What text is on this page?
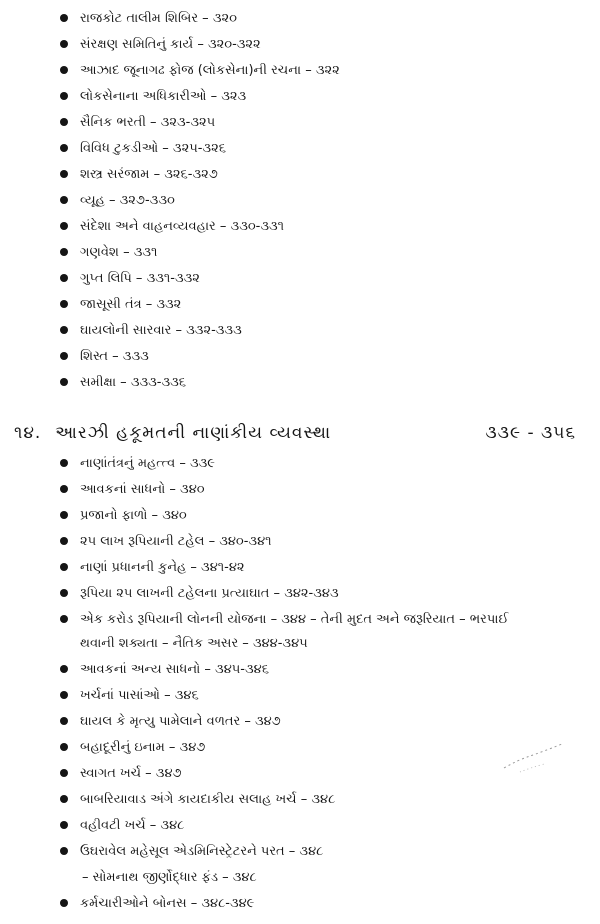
રાજકોટ તાલીમ શિબિર – ૩૨૦
સંરક્ષણ સમિતિનું કાર્ય – ૩૨૦-૩૨૨
આઝાદ જૂનાગઢ ફોજ (લોકસેના)ની રચના – ૩૨૨
લોકસેનાના અધિકારીઓ – ૩૨૩
સૈનિક ભરતી – ૩૨૩-૩૨૫
વિવિધ ટુકડીઓ – ૩૨૫-૩૨૬
શસ્ત્ર સરંજામ – ૩૨૬-૩૨૭
વ્યૂહ – ૩૨૭-૩૩૦
સંદેશા અને વાહનવ્યવહાર – ૩૩૦-૩૩૧
ગણવેશ – ૩૩૧
ગુપ્ત લિપિ – ૩૩૧-૩૩૨
જાસૂસી તંત્ર – ૩૩૨
ઘાયલોની સારવાર – ૩૩૨-૩૩૩
શિસ્ત – ૩૩૩
સમીક્ષા – ૩૩૩-૩૩૬
૧૪. આરઝી હકૂમતની નાણાંકીય વ્યવસ્થા	૩૩૯ - ૩૫૬
નાણાંતંત્રનું મહત્ત્વ – ૩૩૯
આવકનાં સાધનો – ૩૪૦
પ્રજાનો ફાળો – ૩૪૦
૨૫ લાખ રૂપિયાની ટહેલ – ૩૪૦-૩૪૧
નાણાં પ્રધાનની કુનેહ – ૩૪૧-૪૨
રૂપિયા ૨૫ લાખની ટહેલના પ્રત્યાઘાત – ૩૪૨-૩૪૩
એક કરોડ રૂપિયાની લોનની યોજના – ૩૪૪ – તેની મુદત અને જરૂરિયાત – ભરપાઈ
થવાની શક્યતા – નૈતિક અસર – ૩૪૪-૩૪૫
આવકનાં અન્ય સાધનો – ૩૪૫-૩૪૬
ખર્ચનાં પાસાંઓ – ૩૪૬
ઘાયલ કે મૃત્યુ પામેલાને વળતર – ૩૪૭
બહાદૂરીનું ઇનામ – ૩૪૭
સ્વાગત ખર્ચ – ૩૪૭
બાબરિયાવાડ અંગે કાયદાકીય સલાહ ખર્ચ – ૩૪૮
વહીવટી ખર્ચ – ૩૪૮
ઉઘરાવેલ મહેસૂલ એડમિનિસ્ટ્રેટરને પરત – ૩૪૮
– સોમનાથ જીર્ણોદ્ધાર ફંડ – ૩૪૮
કર્મચારીઓને બોનસ – ૩૪૮-૩૪૯
